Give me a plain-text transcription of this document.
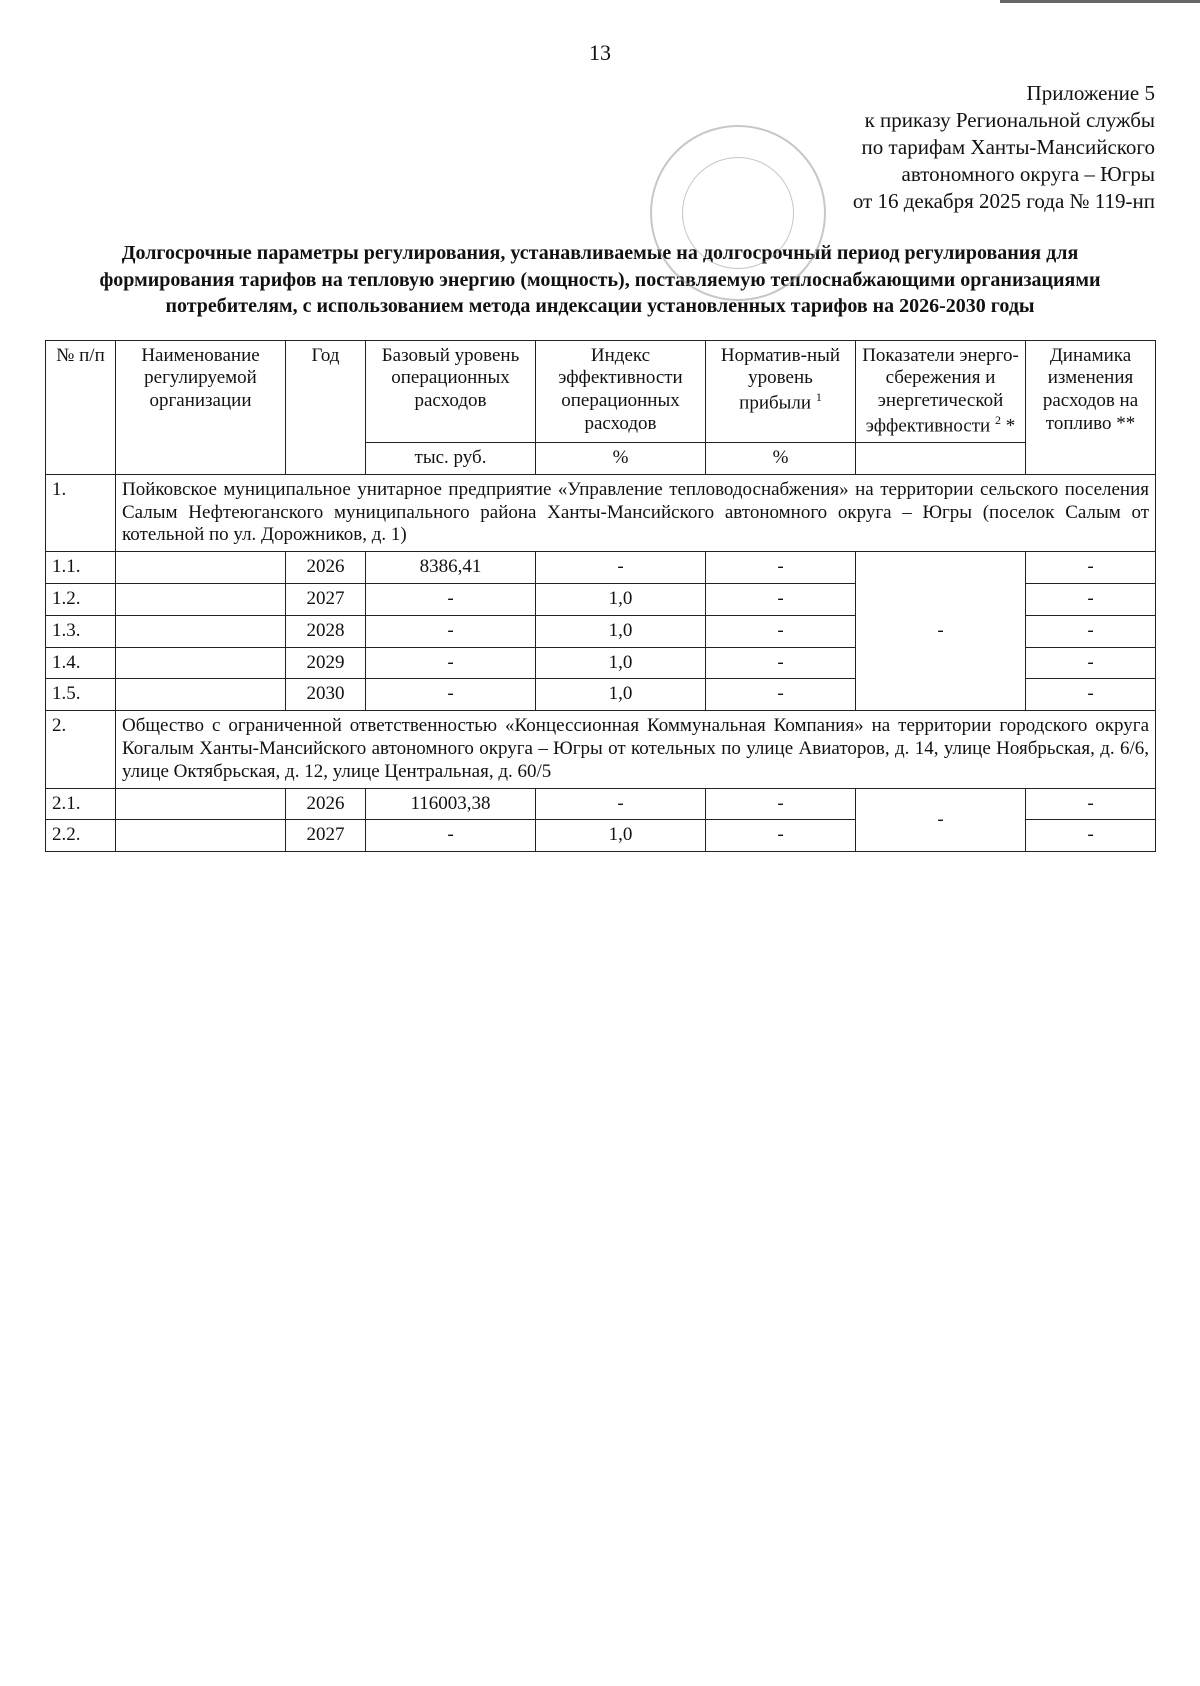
13
Приложение 5
к приказу Региональной службы
по тарифам Ханты-Мансийского
автономного округа – Югры
от 16 декабря 2025 года № 119-нп
Долгосрочные параметры регулирования, устанавливаемые на долгосрочный период регулирования для формирования тарифов на тепловую энергию (мощность), поставляемую теплоснабжающими организациями потребителям, с использованием метода индексации установленных тарифов на 2026-2030 годы
№ п/п	Наименование регулируемой организации	Год	Базовый уровень операционных расходов	Индекс эффективности операционных расходов	Норматив-ный уровень прибыли $^1$	Показатели энерго-сбережения и энергетической эффективности $^2$ *	Динамика изменения расходов на топливо **
			тыс. руб.	%	%		
1.	Пойковское муниципальное унитарное предприятие «Управление тепловодоснабжения» на территории сельского поселения Салым Нефтеюганского муниципального района Ханты-Мансийского автономного округа – Югры (поселок Салым от котельной по ул. Дорожников, д. 1)						
1.1.		2026	8386,41	-	-	-	-
1.2.		2027	-	1,0	-		-
1.3.		2028	-	1,0	-		-
1.4.		2029	-	1,0	-		-
1.5.		2030	-	1,0	-		-
2.	Общество с ограниченной ответственностью «Концессионная Коммунальная Компания» на территории городского округа Когалым Ханты-Мансийского автономного округа – Югры от котельных по улице Авиаторов, д. 14, улице Ноябрьская, д. 6/6, улице Октябрьская, д. 12, улице Центральная, д. 60/5						
2.1.		2026	116003,38	-	-	-	-
2.2.		2027	-	1,0	-		-
